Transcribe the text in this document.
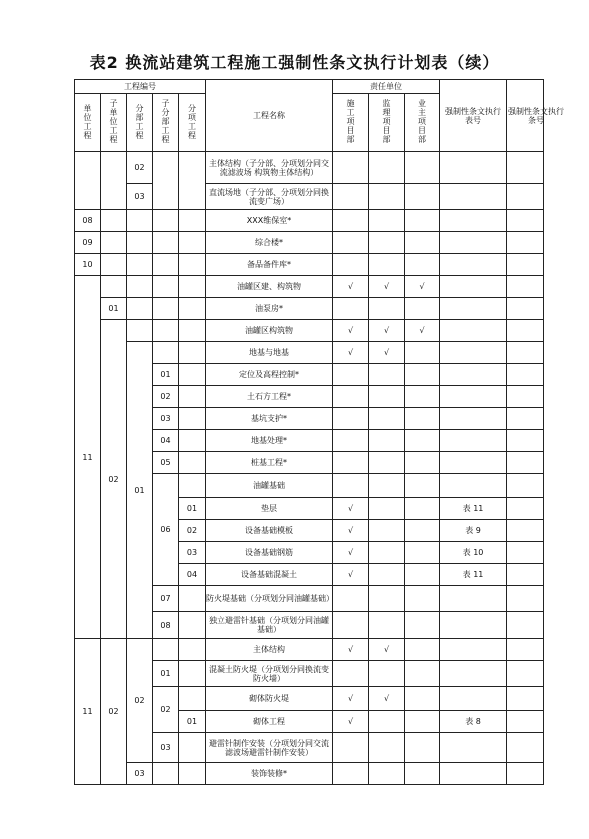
表2 换流站建筑工程施工强制性条文执行计划表（续）
工程编号					工程名称	责任单位			强制性条文执行表号	强制性条文执行条号

单位工程	子单位工程	分部工程	子分部工程	分项工程		施工项目部	监理项目部	业主项目部		
		02			主体结构（子分部、分项划分同交流滤波场 构筑物主体结构）					
		03			直流场地（子分部、分项划分同换流变广场）					
08					XXX维保室*					
09					综合楼*					
10					备品备件库*					
11					油罐区建、构筑物	√	√	√		
	01				油泵房*					
	02				油罐区构筑物	√	√	√		
		01			地基与地基	√	√			
			01		定位及高程控制*					
			02		土石方工程*					
			03		基坑支护*					
			04		地基处理*					
			05		桩基工程*					
			06		油罐基础					
				01	垫层	√			表 11	
				02	设备基础模板	√			表 9	
				03	设备基础钢筋	√			表 10	
				04	设备基础混凝土	√			表 11	
			07		防火堤基础（分项划分同油罐基础）					
			08		独立避雷针基础（分项划分同油罐基础）					
11	02	02			主体结构	√	√			
			01		混凝土防火堤（分项划分同换流变防火墙）					
			02		砌体防火堤	√	√			
				01	砌体工程	√			表 8	
			03		避雷针制作安装（分项划分同交流滤波场避雷针制作安装）					
		03			装饰装修*					
